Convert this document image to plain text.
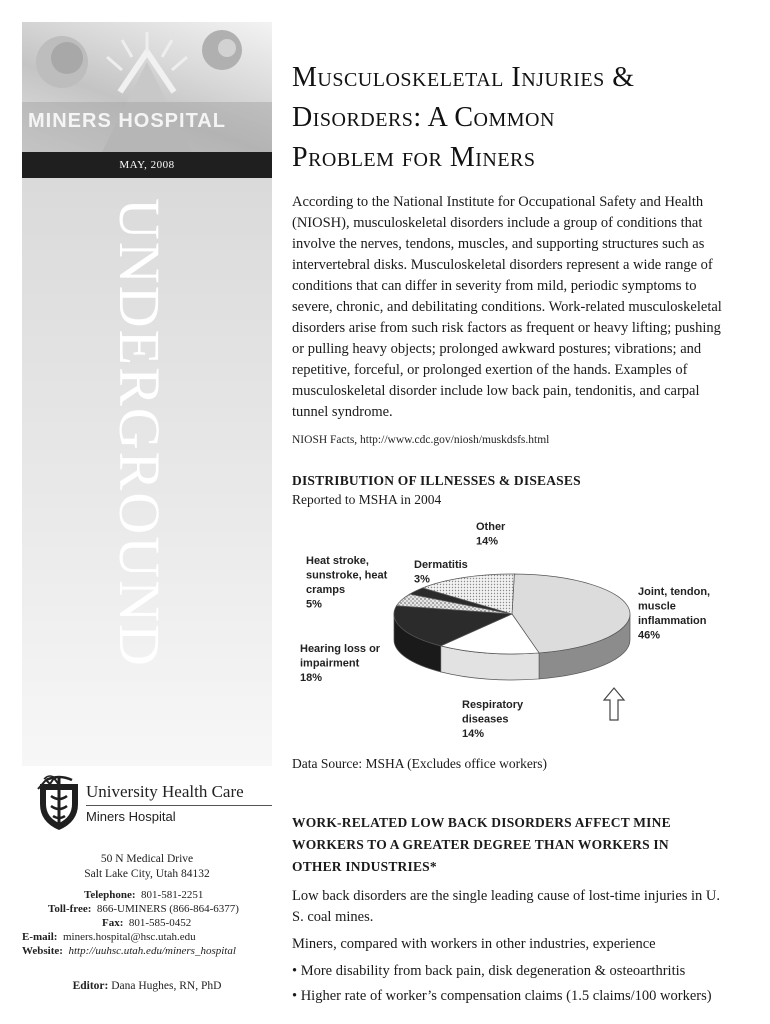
MINERS HOSPITAL
MAY, 2008
UNDERGROUND
University Health Care
Miners Hospital
50 N Medical Drive
Salt Lake City, Utah 84132
Telephone: 801-581-2251
Toll-free: 866-UMINERS (866-864-6377)
Fax: 801-585-0452
E-mail: miners.hospital@hsc.utah.edu
Website: http://uuhsc.utah.edu/miners_hospital
Editor: Dana Hughes, RN, PhD
Musculoskeletal Injuries &
Disorders: A Common
Problem for Miners

According to the National Institute for Occupational Safety and Health (NIOSH), musculoskeletal disorders include a group of conditions that involve the nerves, tendons, muscles, and supporting structures such as intervertebral disks. Musculoskeletal disorders represent a wide range of conditions that can differ in severity from mild, periodic symptoms to severe, chronic, and debilitating conditions. Work-related musculoskeletal disorders arise from such risk factors as frequent or heavy lifting; pushing or pulling heavy objects; prolonged awkward postures; vibrations; and repetitive, forceful, or prolonged exertion of the hands. Examples of musculoskeletal disorder include low back pain, tendonitis, and carpal tunnel syndrome.

NIOSH Facts, http://www.cdc.gov/niosh/muskdsfs.html

DISTRIBUTION OF ILLNESSES & DISEASES
Reported to MSHA in 2004
Joint, tendon, muscle inflammation 46%
Respiratory diseases 14%
Hearing loss or impairment 18%
Heat stroke, sunstroke, heat cramps 5%
Dermatitis 3%
Other 14%
Data Source: MSHA (Excludes office workers)
WORK-RELATED LOW BACK DISORDERS AFFECT MINE
WORKERS TO A GREATER DEGREE THAN WORKERS IN
OTHER INDUSTRIES*

Low back disorders are the single leading cause of lost-time injuries in U. S. coal mines.

Miners, compared with workers in other industries, experience

• More disability from back pain, disk degeneration & osteoarthritis
• Higher rate of worker’s compensation claims (1.5 claims/100 workers)
